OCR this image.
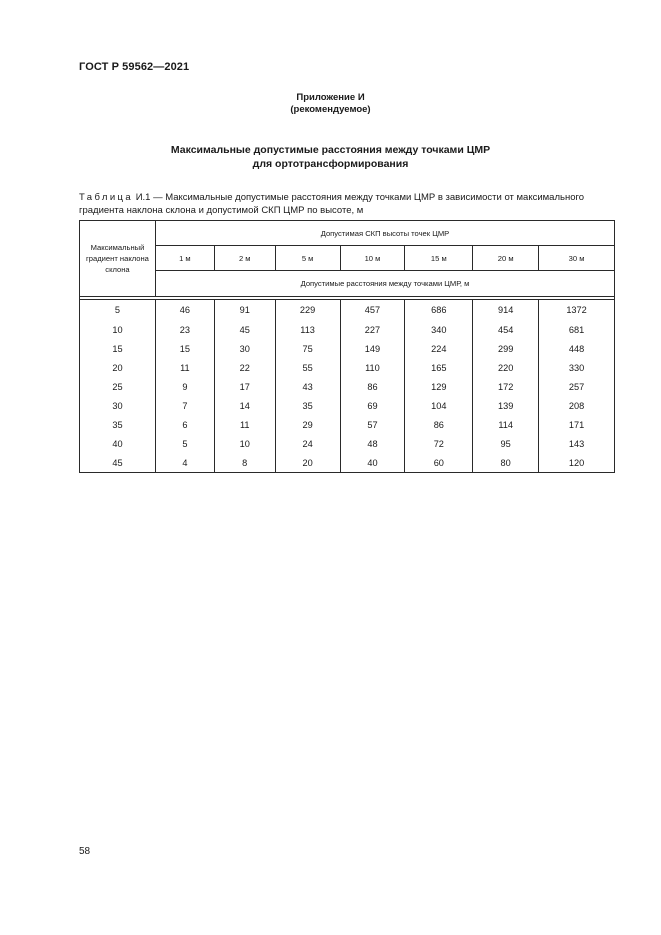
ГОСТ Р 59562—2021
Приложение И
(рекомендуемое)
Максимальные допустимые расстояния между точками ЦМР
для ортотрансформирования
Таблица И.1 — Максимальные допустимые расстояния между точками ЦМР в зависимости от максимального
градиента наклона склона и допустимой СКП ЦМР по высоте, м
Максимальный градиент наклона склона	Допустимая СКП высоты точек ЦМР						
	1 м	2 м	5 м	10 м	15 м	20 м	30 м
	Допустимые расстояния между точками ЦМР, м						

5	46	91	229	457	686	914	1372
10	23	45	113	227	340	454	681
15	15	30	75	149	224	299	448
20	11	22	55	110	165	220	330
25	9	17	43	86	129	172	257
30	7	14	35	69	104	139	208
35	6	11	29	57	86	114	171
40	5	10	24	48	72	95	143
45	4	8	20	40	60	80	120
58
